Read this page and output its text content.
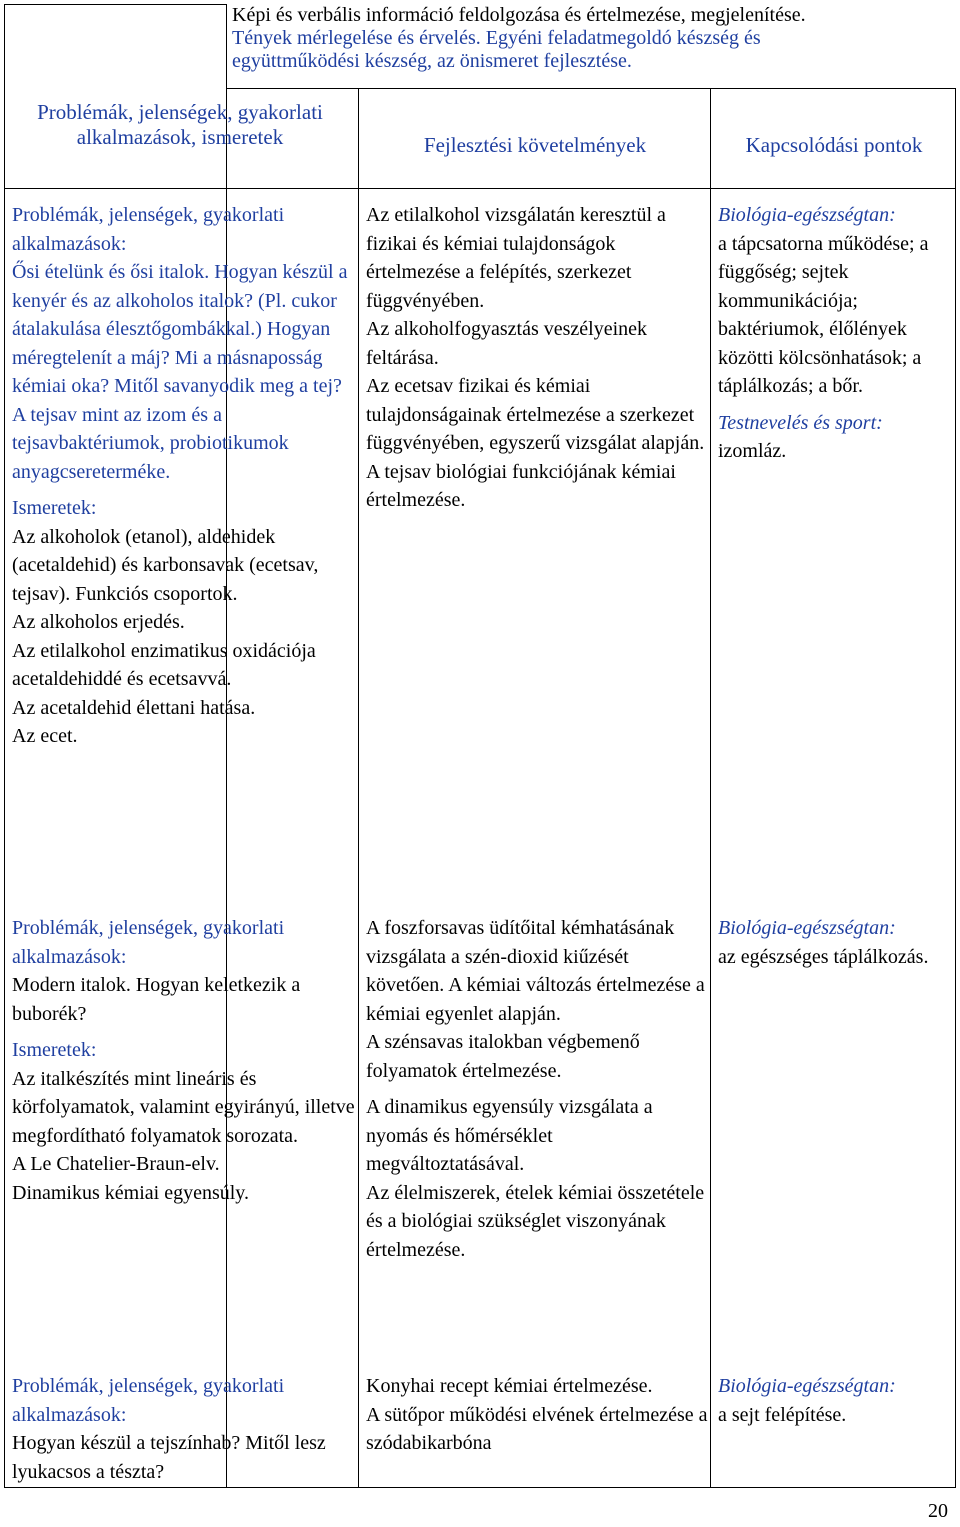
Képi és verbális információ feldolgozása és értelmezése, megjelenítése.
Tények mérlegelése és érvelés. Egyéni feladatmegoldó készség és
együttműködési készség, az önismeret fejlesztése.
Problémák, jelenségek, gyakorlati alkalmazások, ismeretek	Fejlesztési követelmények	Kapcsolódási pontok
Problémák, jelenségek, gyakorlati alkalmazások:
Ősi ételünk és ősi italok. Hogyan készül a kenyér és az alkoholos italok? (Pl. cukor átalakulása élesztőgombákkal.) Hogyan méregtelenít a máj? Mi a másnaposság kémiai oka? Mitől savanyodik meg a tej? A tejsav mint az izom és a tejsavbaktériumok, probiotikumok anyagcsereterméke.
Ismeretek:
Az alkoholok (etanol), aldehidek (acetaldehid) és karbonsavak (ecetsav, tejsav). Funkciós csoportok.
Az alkoholos erjedés.
Az etilalkohol enzimatikus oxidációja acetaldehiddé és ecetsavvá.
Az acetaldehid élettani hatása.
Az ecet.
Az etilalkohol vizsgálatán keresztül a fizikai és kémiai tulajdonságok értelmezése a felépítés, szerkezet függvényében.
Az alkoholfogyasztás veszélyeinek feltárása.
Az ecetsav fizikai és kémiai tulajdonságainak értelmezése a szerkezet függvényében, egyszerű vizsgálat alapján.
A tejsav biológiai funkciójának kémiai értelmezése.
Biológia-egészségtan:
a tápcsatorna működése; a függőség; sejtek kommunikációja; baktériumok, élőlények közötti kölcsönhatások; a táplálkozás; a bőr.
Testnevelés és sport:
izomláz.
Problémák, jelenségek, gyakorlati alkalmazások:
Modern italok. Hogyan keletkezik a buborék?
Ismeretek:
Az italkészítés mint lineáris és körfolyamatok, valamint egyirányú, illetve megfordítható folyamatok sorozata.
A Le Chatelier-Braun-elv.
Dinamikus kémiai egyensúly.
A foszforsavas üdítőital kémhatásának vizsgálata a szén-dioxid kiűzését követően. A kémiai változás értelmezése a kémiai egyenlet alapján.
A szénsavas italokban végbemenő folyamatok értelmezése.
A dinamikus egyensúly vizsgálata a nyomás és hőmérséklet megváltoztatásával.
Az élelmiszerek, ételek kémiai összetétele és a biológiai szükséglet viszonyának értelmezése.
Biológia-egészségtan:
az egészséges táplálkozás.
Problémák, jelenségek, gyakorlati alkalmazások:
Hogyan készül a tejszínhab? Mitől lesz lyukacsos a tészta?
Konyhai recept kémiai értelmezése.
A sütőpor működési elvének értelmezése a szódabikarbóna
Biológia-egészségtan:
a sejt felépítése.
20
